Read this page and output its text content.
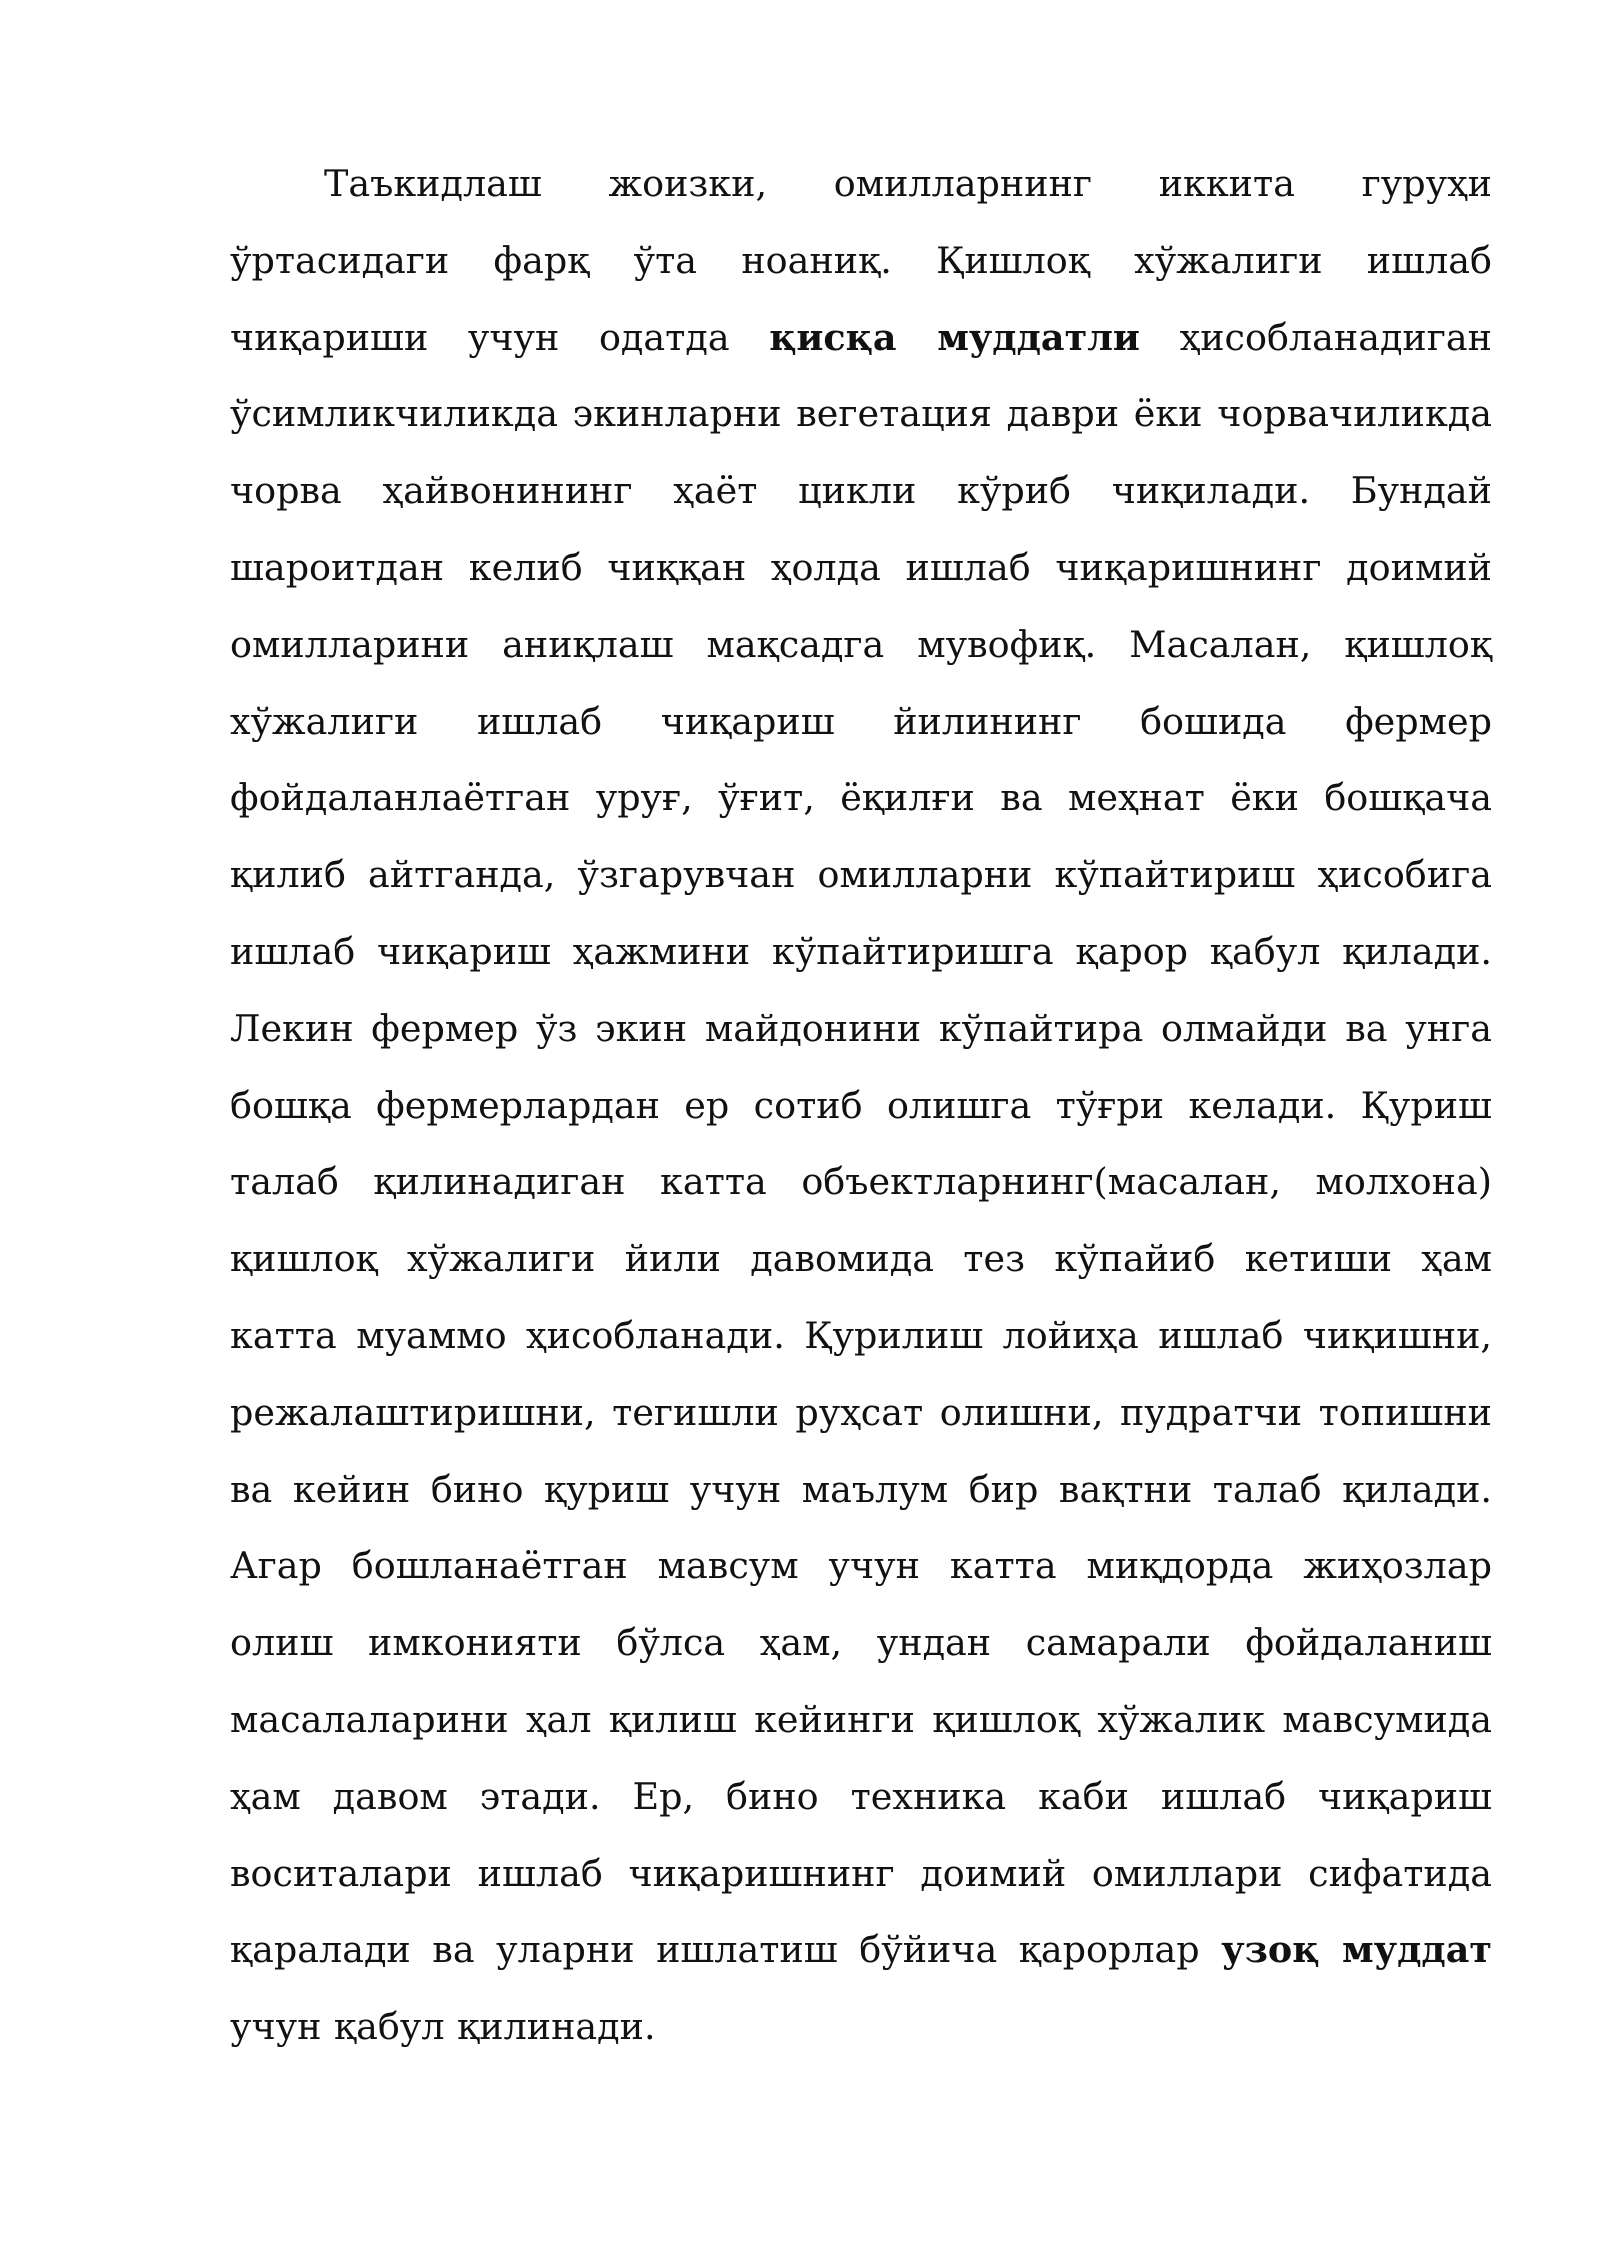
Таъкидлаш жоизки, омилларнинг иккита гуруҳи ўртасидаги фарқ ўта ноаниқ. Қишлоқ хўжалиги ишлаб чиқариши учун одатда қисқа муддатли ҳисобланадиган ўсимликчиликда экинларни вегетация даври ёки чорвачиликда чорва ҳайвонининг ҳаёт цикли кўриб чиқилади. Бундай шароитдан келиб чиққан ҳолда ишлаб чиқаришнинг доимий омилларини аниқлаш мақсадга мувофиқ. Масалан, қишлоқ хўжалиги ишлаб чиқариш йилининг бошида фермер фойдаланлаётган уруғ, ўғит, ёқилғи ва меҳнат ёки бошқача қилиб айтганда, ўзгарувчан омилларни кўпайтириш ҳисобига ишлаб чиқариш ҳажмини кўпайтиришга қарор қабул қилади. Лекин фермер ўз экин майдонини кўпайтира олмайди ва унга бошқа фермерлардан ер сотиб олишга тўғри келади. Қуриш талаб қилинадиган катта объектларнинг(масалан, молхона) қишлоқ хўжалиги йили давомида тез кўпайиб кетиши ҳам катта муаммо ҳисобланади. Қурилиш лойиҳа ишлаб чиқишни, режалаштиришни, тегишли руҳсат олишни, пудратчи топишни ва кейин бино қуриш учун маълум бир вақтни талаб қилади. Агар бошланаётган мавсум учун катта миқдорда жиҳозлар олиш имконияти бўлса ҳам, ундан самарали фойдаланиш масалаларини ҳал қилиш кейинги қишлоқ хўжалик мавсумида ҳам давом этади. Ер, бино техника каби ишлаб чиқариш воситалари ишлаб чиқаришнинг доимий омиллари сифатида қаралади ва уларни ишлатиш бўйича қарорлар узоқ муддат учун қабул қилинади.
